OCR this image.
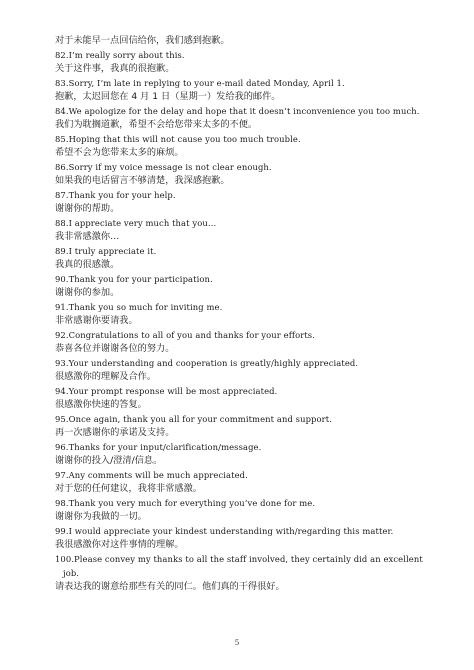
对于未能早一点回信给你，我们感到抱歉。
82.I’m really sorry about this.
关于这件事，我真的很抱歉。
83.Sorry, I’m late in replying to your e-mail dated Monday, April 1.
抱歉，太迟回您在 4 月 1 日（星期一）发给我的邮件。
84.We apologize for the delay and hope that it doesn’t inconvenience you too much.
我们为耽搁道歉，希望不会给您带来太多的不便。
85.Hoping that this will not cause you too much trouble.
希望不会为您带来太多的麻烦。
86.Sorry if my voice message is not clear enough.
如果我的电话留言不够清楚，我深感抱歉。
87.Thank you for your help.
谢谢你的帮助。
88.I appreciate very much that you…
我非常感激你…
89.I truly appreciate it.
我真的很感激。
90.Thank you for your participation.
谢谢你的参加。
91.Thank you so much for inviting me.
非常感谢你要请我。
92.Congratulations to all of you and thanks for your efforts.
恭喜各位并谢谢各位的努力。
93.Your understanding and cooperation is greatly/highly appreciated.
很感激你的理解及合作。
94.Your prompt response will be most appreciated.
很感激你快速的答复。
95.Once again, thank you all for your commitment and support.
再一次感谢你的承诺及支持。
96.Thanks for your input/clarification/message.
谢谢你的投入/澄清/信息。
97.Any comments will be much appreciated.
对于您的任何建议，我将非常感激。
98.Thank you very much for everything you’ve done for me.
谢谢你为我做的一切。
99.I would appreciate your kindest understanding with/regarding this matter.
我很感激你对这件事情的理解。
100.Please convey my thanks to all the staff involved, they certainly did an excellent
job.
请表达我的谢意给那些有关的同仁。他们真的干得很好。
5
